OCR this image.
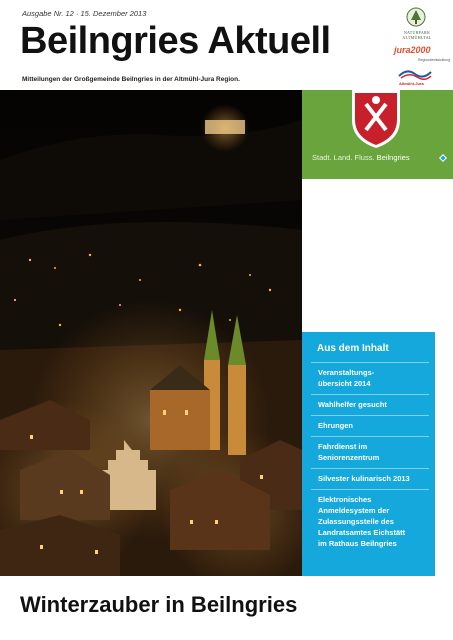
Ausgabe Nr. 12 · 15. Dezember 2013
Beilngries Aktuell
Mitteilungen der Großgemeinde Beilngries in der Altmühl-Jura Region.
NATURPARK ALTMÜHLTAL
jura2000
Regionalentwicklung
Altmühl-Jura
Stadt. Land. Fluss. Beilngries
Aus dem Inhalt
Veranstaltungs-
übersicht 2014
Wahlhelfer gesucht
Ehrungen
Fahrdienst im
Seniorenzentrum
Silvester kulinarisch 2013
Elektronisches
Anmeldesystem der
Zulassungsstelle des
Landratsamtes Eichstätt
im Rathaus Beilngries
Winterzauber in Beilngries
